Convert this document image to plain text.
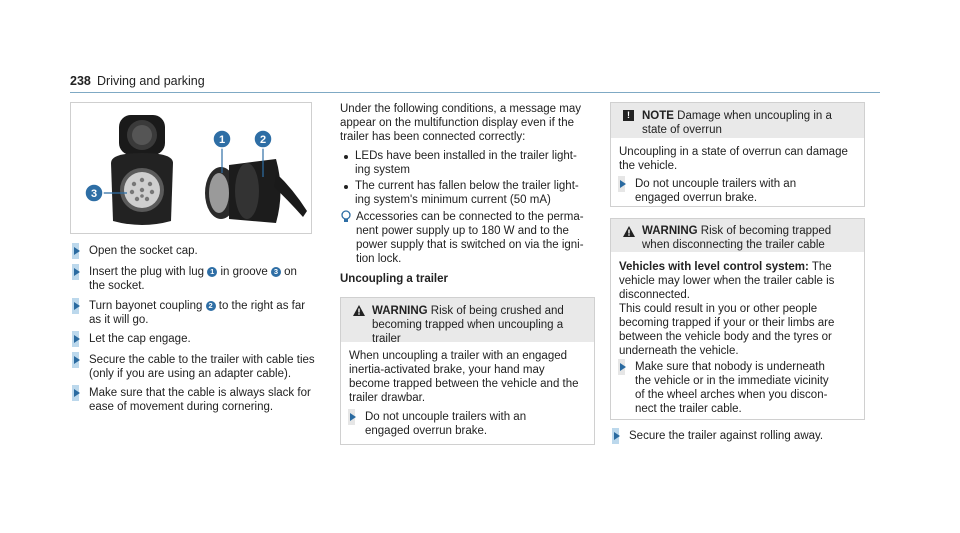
238 Driving and parking
1	2
3
Open the socket cap.
Insert the plug with lug 1 in groove 3 on
the socket.
Turn bayonet coupling 2 to the right as far
as it will go.
Let the cap engage.
Secure the cable to the trailer with cable ties
(only if you are using an adapter cable).
Make sure that the cable is always slack for
ease of movement during cornering.
Under the following conditions, a message may
appear on the multifunction display even if the
trailer has been connected correctly:
LEDs have been installed in the trailer light-
ing system
The current has fallen below the trailer light-
ing system's minimum current (50 mA)
Accessories can be connected to the perma-
nent power supply up to 180 W and to the
power supply that is switched on via the igni-
tion lock.
Uncoupling a trailer
WARNING Risk of being crushed and
becoming trapped when uncoupling a
trailer
When uncoupling a trailer with an engaged
inertia-activated brake, your hand may
become trapped between the vehicle and the
trailer drawbar.
Do not uncouple trailers with an
engaged overrun brake.
!	NOTE Damage when uncoupling in a
state of overrun
Uncoupling in a state of overrun can damage
the vehicle.
Do not uncouple trailers with an
engaged overrun brake.
WARNING Risk of becoming trapped
when disconnecting the trailer cable
Vehicles with level control system: The
vehicle may lower when the trailer cable is
disconnected.
This could result in you or other people
becoming trapped if your or their limbs are
between the vehicle body and the tyres or
underneath the vehicle.
Make sure that nobody is underneath
the vehicle or in the immediate vicinity
of the wheel arches when you discon-
nect the trailer cable.
Secure the trailer against rolling away.
